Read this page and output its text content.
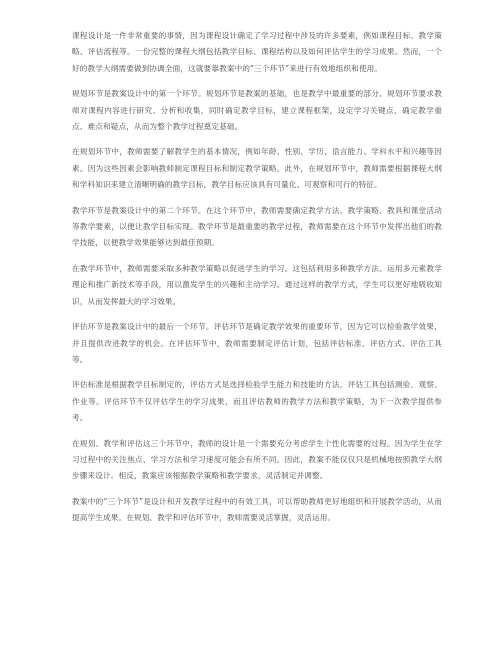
课程设计是一件非常重要的事情，因为课程设计确定了学习过程中涉及的许多要素，例如课程目标、教学策略、评估流程等。一份完整的课程大纲包括教学目标、课程结构以及如何评估学生的学习成果。然而，一个好的教学大纲需要做到协调全面，这就要靠教案中的“三个环节”来进行有效地组织和使用。

规划环节是教案设计中的第一个环节。规划环节是教案的基础，也是教学中最重要的部分。规划环节要求教师对课程内容进行研究、分析和收集，同时确定教学目标，建立课程框架，设定学习关键点，确定教学重点、难点和疑点，从而为整个教学过程奠定基础。

在规划环节中，教师需要了解教学生的基本情况，例如年龄、性别、学历、语言能力、学科水平和兴趣等因素。因为这些因素会影响教师制定课程目标和制定教学策略。此外，在规划环节中，教师需要根据课程大纲和学科知识来建立清晰明确的教学目标，教学目标应该具有可量化、可观察和可行的特征。

教学环节是教案设计中的第二个环节。在这个环节中，教师需要确定教学方法、教学策略、教具和课堂活动等教学要素，以便让教学目标实现。教学环节是最重要的教学过程，教师需要在这个环节中发挥出他们的教学技能，以便教学效果能够达到最佳预期。

在教学环节中，教师需要采取多种教学策略以促进学生的学习。这包括利用多种教学方法、运用多元素教学理论和推广新技术等手段，用以激发学生的兴趣和主动学习。通过这样的教学方式，学生可以更好地吸收知识，从而发挥最大的学习效果。

评估环节是教案设计中的最后一个环节。评估环节是确定教学效果的重要环节，因为它可以检验教学效果，并且提供改进教学的机会。在评估环节中，教师需要制定评估计划，包括评估标准、评估方式、评估工具等。

评估标准是根据教学目标制定的，评估方式是选择检验学生能力和技能的方法，评估工具包括测验、观察、作业等。评估环节不仅评估学生的学习成果，而且评估教师的教学方法和教学策略，为下一次教学提供参考。

在规划、教学和评估这三个环节中，教师的设计是一个需要充分考虑学生个性化需要的过程。因为学生在学习过程中的关注焦点、学习方法和学习速度可能会有所不同。因此，教案不能仅仅只是机械地按照教学大纲步骤来设计。相反，教案应该根据教学策略和教学要求，灵活制定并调整。

教案中的“三个环节”是设计和开发教学过程中的有效工具，可以帮助教师更好地组织和开展教学活动，从而提高学生成果。在规划、教学和评估环节中，教师需要灵活掌握，灵活运用。
